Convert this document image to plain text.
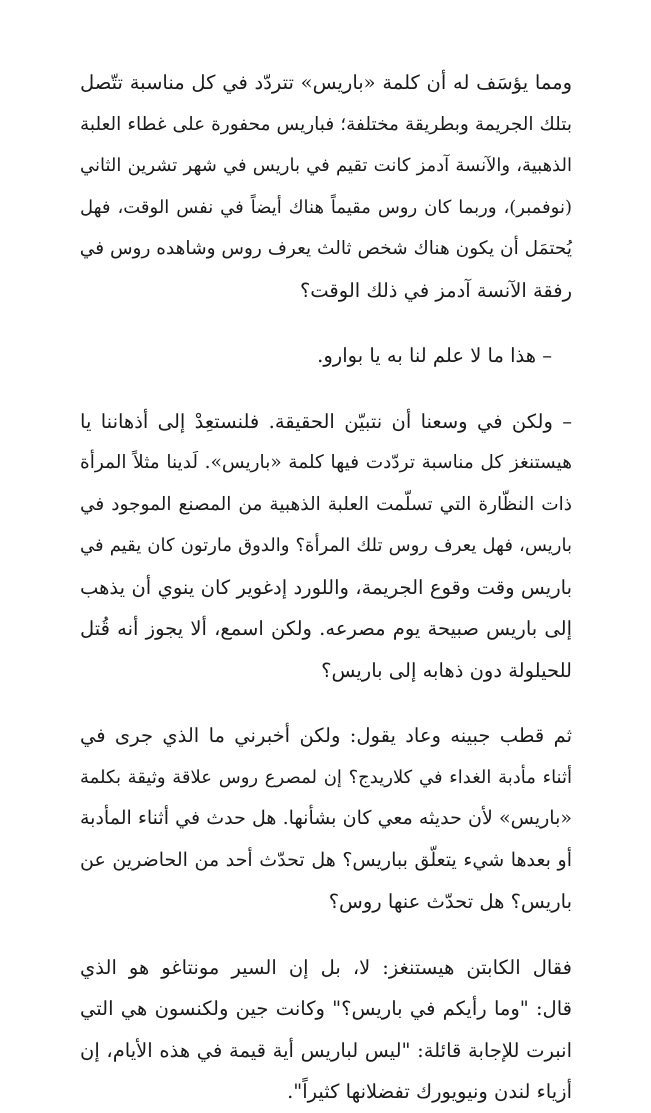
ومما يؤسَف له أن كلمة «باريس» تتردّد في كل مناسبة تتّصل
بتلك الجريمة وبطريقة مختلفة؛ فباريس محفورة على غطاء العلبة
الذهبية، والآنسة آدمز كانت تقيم في باريس في شهر تشرين الثاني
(نوفمبر)، وربما كان روس مقيماً هناك أيضاً في نفس الوقت، فهل
يُحتمَل أن يكون هناك شخص ثالث يعرف روس وشاهده روس في
رفقة الآنسة آدمز في ذلك الوقت؟

– هذا ما لا علم لنا به يا بوارو.

– ولكن في وسعنا أن نتبيّن الحقيقة. فلنستعِدْ إلى أذهاننا يا
هيستنغز كل مناسبة تردّدت فيها كلمة «باريس». لَدينا مثلاً المرأة
ذات النظّارة التي تسلّمت العلبة الذهبية من المصنع الموجود في
باريس، فهل يعرف روس تلك المرأة؟ والدوق مارتون كان يقيم في
باريس وقت وقوع الجريمة، واللورد إدغوير كان ينوي أن يذهب
إلى باريس صبيحة يوم مصرعه. ولكن اسمع، ألا يجوز أنه قُتل
للحيلولة دون ذهابه إلى باريس؟

ثم قطب جبينه وعاد يقول: ولكن أخبرني ما الذي جرى في
أثناء مأدبة الغداء في كلاريدج؟ إن لمصرع روس علاقة وثيقة بكلمة
«باريس» لأن حديثه معي كان بشأنها. هل حدث في أثناء المأدبة
أو بعدها شيء يتعلّق بباريس؟ هل تحدّث أحد من الحاضرين عن
باريس؟ هل تحدّث عنها روس؟

فقال الكابتن هيستنغز: لا، بل إن السير مونتاغو هو الذي
قال: "وما رأيكم في باريس؟" وكانت جين ولكنسون هي التي
انبرت للإجابة قائلة: "ليس لباريس أية قيمة في هذه الأيام، إن
أزياء لندن ونيويورك تفضلانها كثيراً".
